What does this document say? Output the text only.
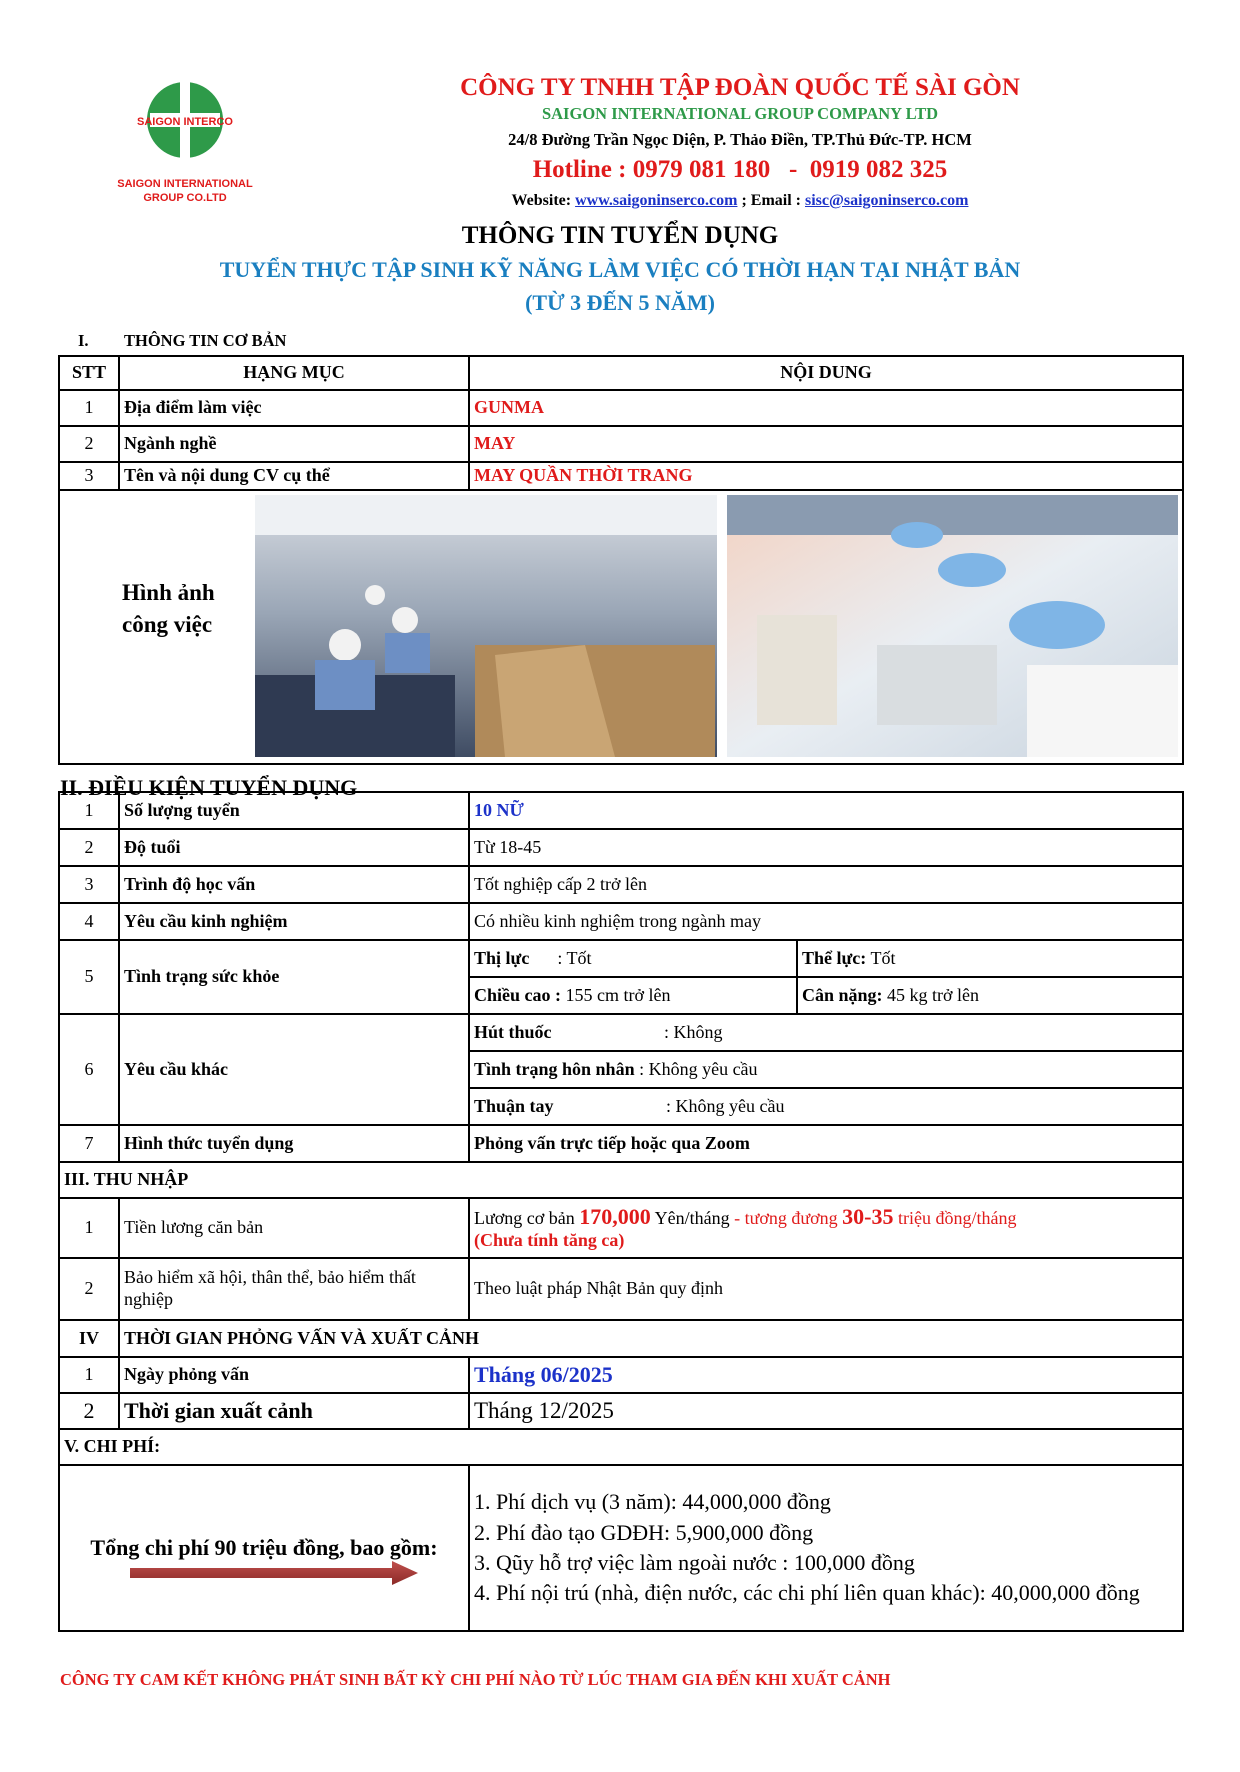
SAIGON INTERCO
SAIGON INTERNATIONAL
GROUP CO.LTD
CÔNG TY TNHH TẬP ĐOÀN QUỐC TẾ SÀI GÒN
SAIGON INTERNATIONAL GROUP COMPANY LTD
24/8 Đường Trần Ngọc Diện, P. Thảo Điền, TP.Thủ Đức-TP. HCM
Hotline : 0979 081 180   -  0919 082 325
Website: www.saigoninserco.com ; Email : sisc@saigoninserco.com
THÔNG TIN TUYỂN DỤNG
TUYỂN THỰC TẬP SINH KỸ NĂNG LÀM VIỆC CÓ THỜI HẠN TẠI NHẬT BẢN
(TỪ 3 ĐẾN 5 NĂM)
I. THÔNG TIN CƠ BẢN
STT	HẠNG MỤC	NỘI DUNG
1	Địa điểm làm việc	GUNMA
2	Ngành nghề	MAY
3	Tên và nội dung CV cụ thể	MAY QUẦN THỜI TRANG

Hình ảnh
công việc		
II. ĐIỀU KIỆN TUYỂN DỤNG
1	Số lượng tuyển	10 NỮ	
2	Độ tuổi	Từ 18-45	
3	Trình độ học vấn	Tốt nghiệp cấp 2 trở lên	
4	Yêu cầu kinh nghiệm	Có nhiều kinh nghiệm trong ngành may	
5	Tình trạng sức khỏe	Thị lực : Tốt	Thể lực: Tốt
		Chiều cao : 155 cm trở lên	Cân nặng: 45 kg trở lên
6	Yêu cầu khác	Hút thuốc : Không	
		Tình trạng hôn nhân : Không yêu cầu	
		Thuận tay : Không yêu cầu	
7	Hình thức tuyển dụng	Phỏng vấn trực tiếp hoặc qua Zoom	
III. THU NHẬP			
1	Tiền lương căn bản	Lương cơ bản 170,000 Yên/tháng - tương đương 30-35 triệu đồng/tháng
(Chưa tính tăng ca)	
2	Bảo hiểm xã hội, thân thể, bảo hiểm thất nghiệp	Theo luật pháp Nhật Bản quy định	
IV	THỜI GIAN PHỎNG VẤN VÀ XUẤT CẢNH		
1	Ngày phỏng vấn	Tháng 06/2025	
2	Thời gian xuất cảnh	Tháng 12/2025	
V. CHI PHÍ:			
Tổng chi phí 90 triệu đồng, bao gồm:		1. Phí dịch vụ (3 năm): 44,000,000 đồng
2. Phí đào tạo GDĐH: 5,900,000 đồng
3. Qũy hỗ trợ việc làm ngoài nước : 100,000 đồng
4. Phí nội trú (nhà, điện nước, các chi phí liên quan khác): 40,000,000 đồng	
CÔNG TY CAM KẾT KHÔNG PHÁT SINH BẤT KỲ CHI PHÍ NÀO TỪ LÚC THAM GIA ĐẾN KHI XUẤT CẢNH
